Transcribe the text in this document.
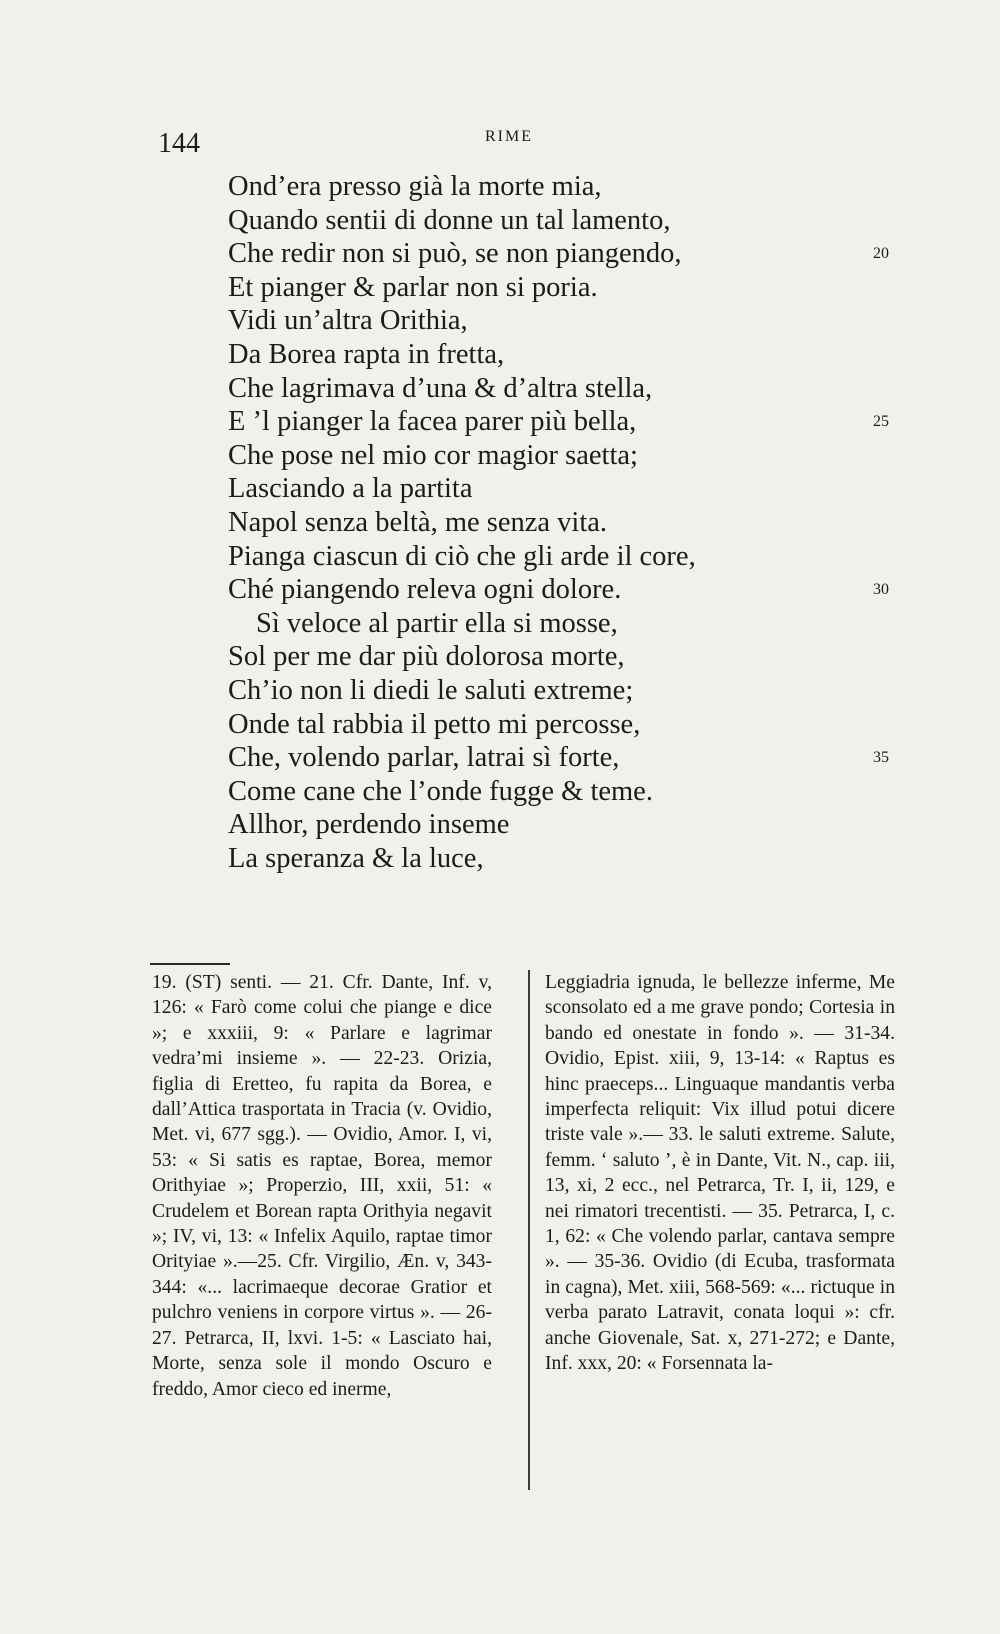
144	RIME
Ond’era presso già la morte mia,
Quando sentii di donne un tal lamento,
Che redir non si può, se non piangendo,	20
Et pianger & parlar non si poria.
Vidi un’altra Orithia,
Da Borea rapta in fretta,
Che lagrimava d’una & d’altra stella,
E ’l pianger la facea parer più bella,	25
Che pose nel mio cor magior saetta;
Lasciando a la partita
Napol senza beltà, me senza vita.
Pianga ciascun di ciò che gli arde il core,
Ché piangendo releva ogni dolore.	30
Sì veloce al partir ella si mosse,
Sol per me dar più dolorosa morte,
Ch’io non li diedi le saluti extreme;
Onde tal rabbia il petto mi percosse,
Che, volendo parlar, latrai sì forte,	35
Come cane che l’onde fugge & teme.
Allhor, perdendo inseme
La speranza & la luce,
19. (ST) senti. — 21. Cfr. Dante, Inf. v, 126: « Farò come colui che piange e dice »; e xxxiii, 9: « Parlare e lagrimar vedra’mi insieme ». — 22-23. Orizia, figlia di Eretteo, fu rapita da Borea, e dall’Attica trasportata in Tracia (v. Ovidio, Met. vi, 677 sgg.). — Ovidio, Amor. I, vi, 53: « Si satis es raptae, Borea, memor Orithyiae »; Properzio, III, xxii, 51: « Crudelem et Borean rapta Orithyia negavit »; IV, vi, 13: « Infelix Aquilo, raptae timor Orityiae ».—25. Cfr. Virgilio, Æn. v, 343-344: «... lacrimaeque decorae Gratior et pulchro veniens in corpore virtus ». — 26-27. Petrarca, II, lxvi. 1-5: « Lasciato hai, Morte, senza sole il mondo Oscuro e freddo, Amor cieco ed inerme,
Leggiadria ignuda, le bellezze inferme, Me sconsolato ed a me grave pondo; Cortesia in bando ed onestate in fondo ». — 31-34. Ovidio, Epist. xiii, 9, 13-14: « Raptus es hinc praeceps... Linguaque mandantis verba imperfecta reliquit: Vix illud potui dicere triste vale ».— 33. le saluti extreme. Salute, femm. ‘ saluto ’, è in Dante, Vit. N., cap. iii, 13, xi, 2 ecc., nel Petrarca, Tr. I, ii, 129, e nei rimatori trecentisti. — 35. Petrarca, I, c. 1, 62: « Che volendo parlar, cantava sempre ». — 35-36. Ovidio (di Ecuba, trasformata in cagna), Met. xiii, 568-569: «... rictuque in verba parato Latravit, conata loqui »: cfr. anche Giovenale, Sat. x, 271-272; e Dante, Inf. xxx, 20: « Forsennata la-
